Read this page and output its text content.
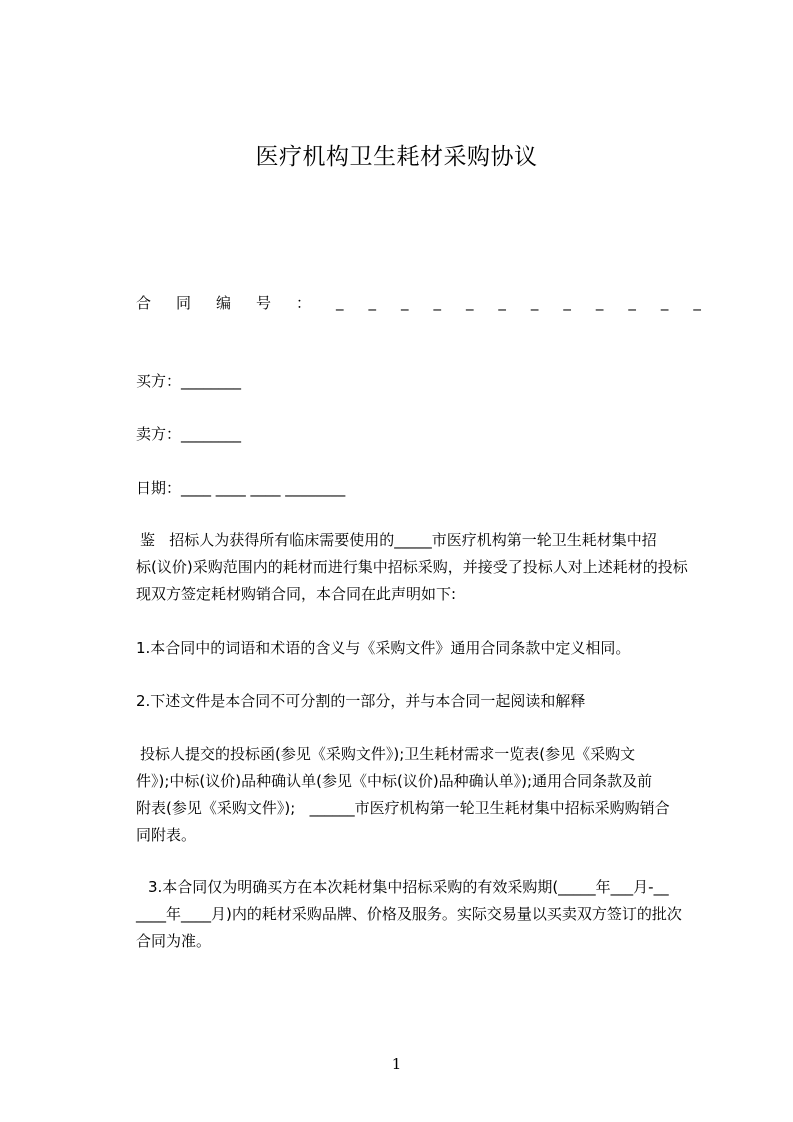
医疗机构卫生耗材采购协议
合 同 编 号 ： _ _ _ _ _ _ _ _ _ _ _ _
买方：________
卖方：________
日期：____ ____ ____ ________
鉴   招标人为获得所有临床需要使用的_____市医疗机构第一轮卫生耗材集中招
标(议价)采购范围内的耗材而进行集中招标采购，并接受了投标人对上述耗材的投标
现双方签定耗材购销合同，本合同在此声明如下:
1.本合同中的词语和术语的含义与《采购文件》通用合同条款中定义相同。
2.下述文件是本合同不可分割的一部分，并与本合同一起阅读和解释
投标人提交的投标函(参见《采购文件》);卫生耗材需求一览表(参见《采购文
件》);中标(议价)品种确认单(参见《中标(议价)品种确认单》);通用合同条款及前
附表(参见《采购文件》);   ______市医疗机构第一轮卫生耗材集中招标采购购销合
同附表。
3.本合同仅为明确买方在本次耗材集中招标采购的有效采购期(_____年___月-__
____年____月)内的耗材采购品牌、价格及服务。实际交易量以买卖双方签订的批次
合同为准。
1
